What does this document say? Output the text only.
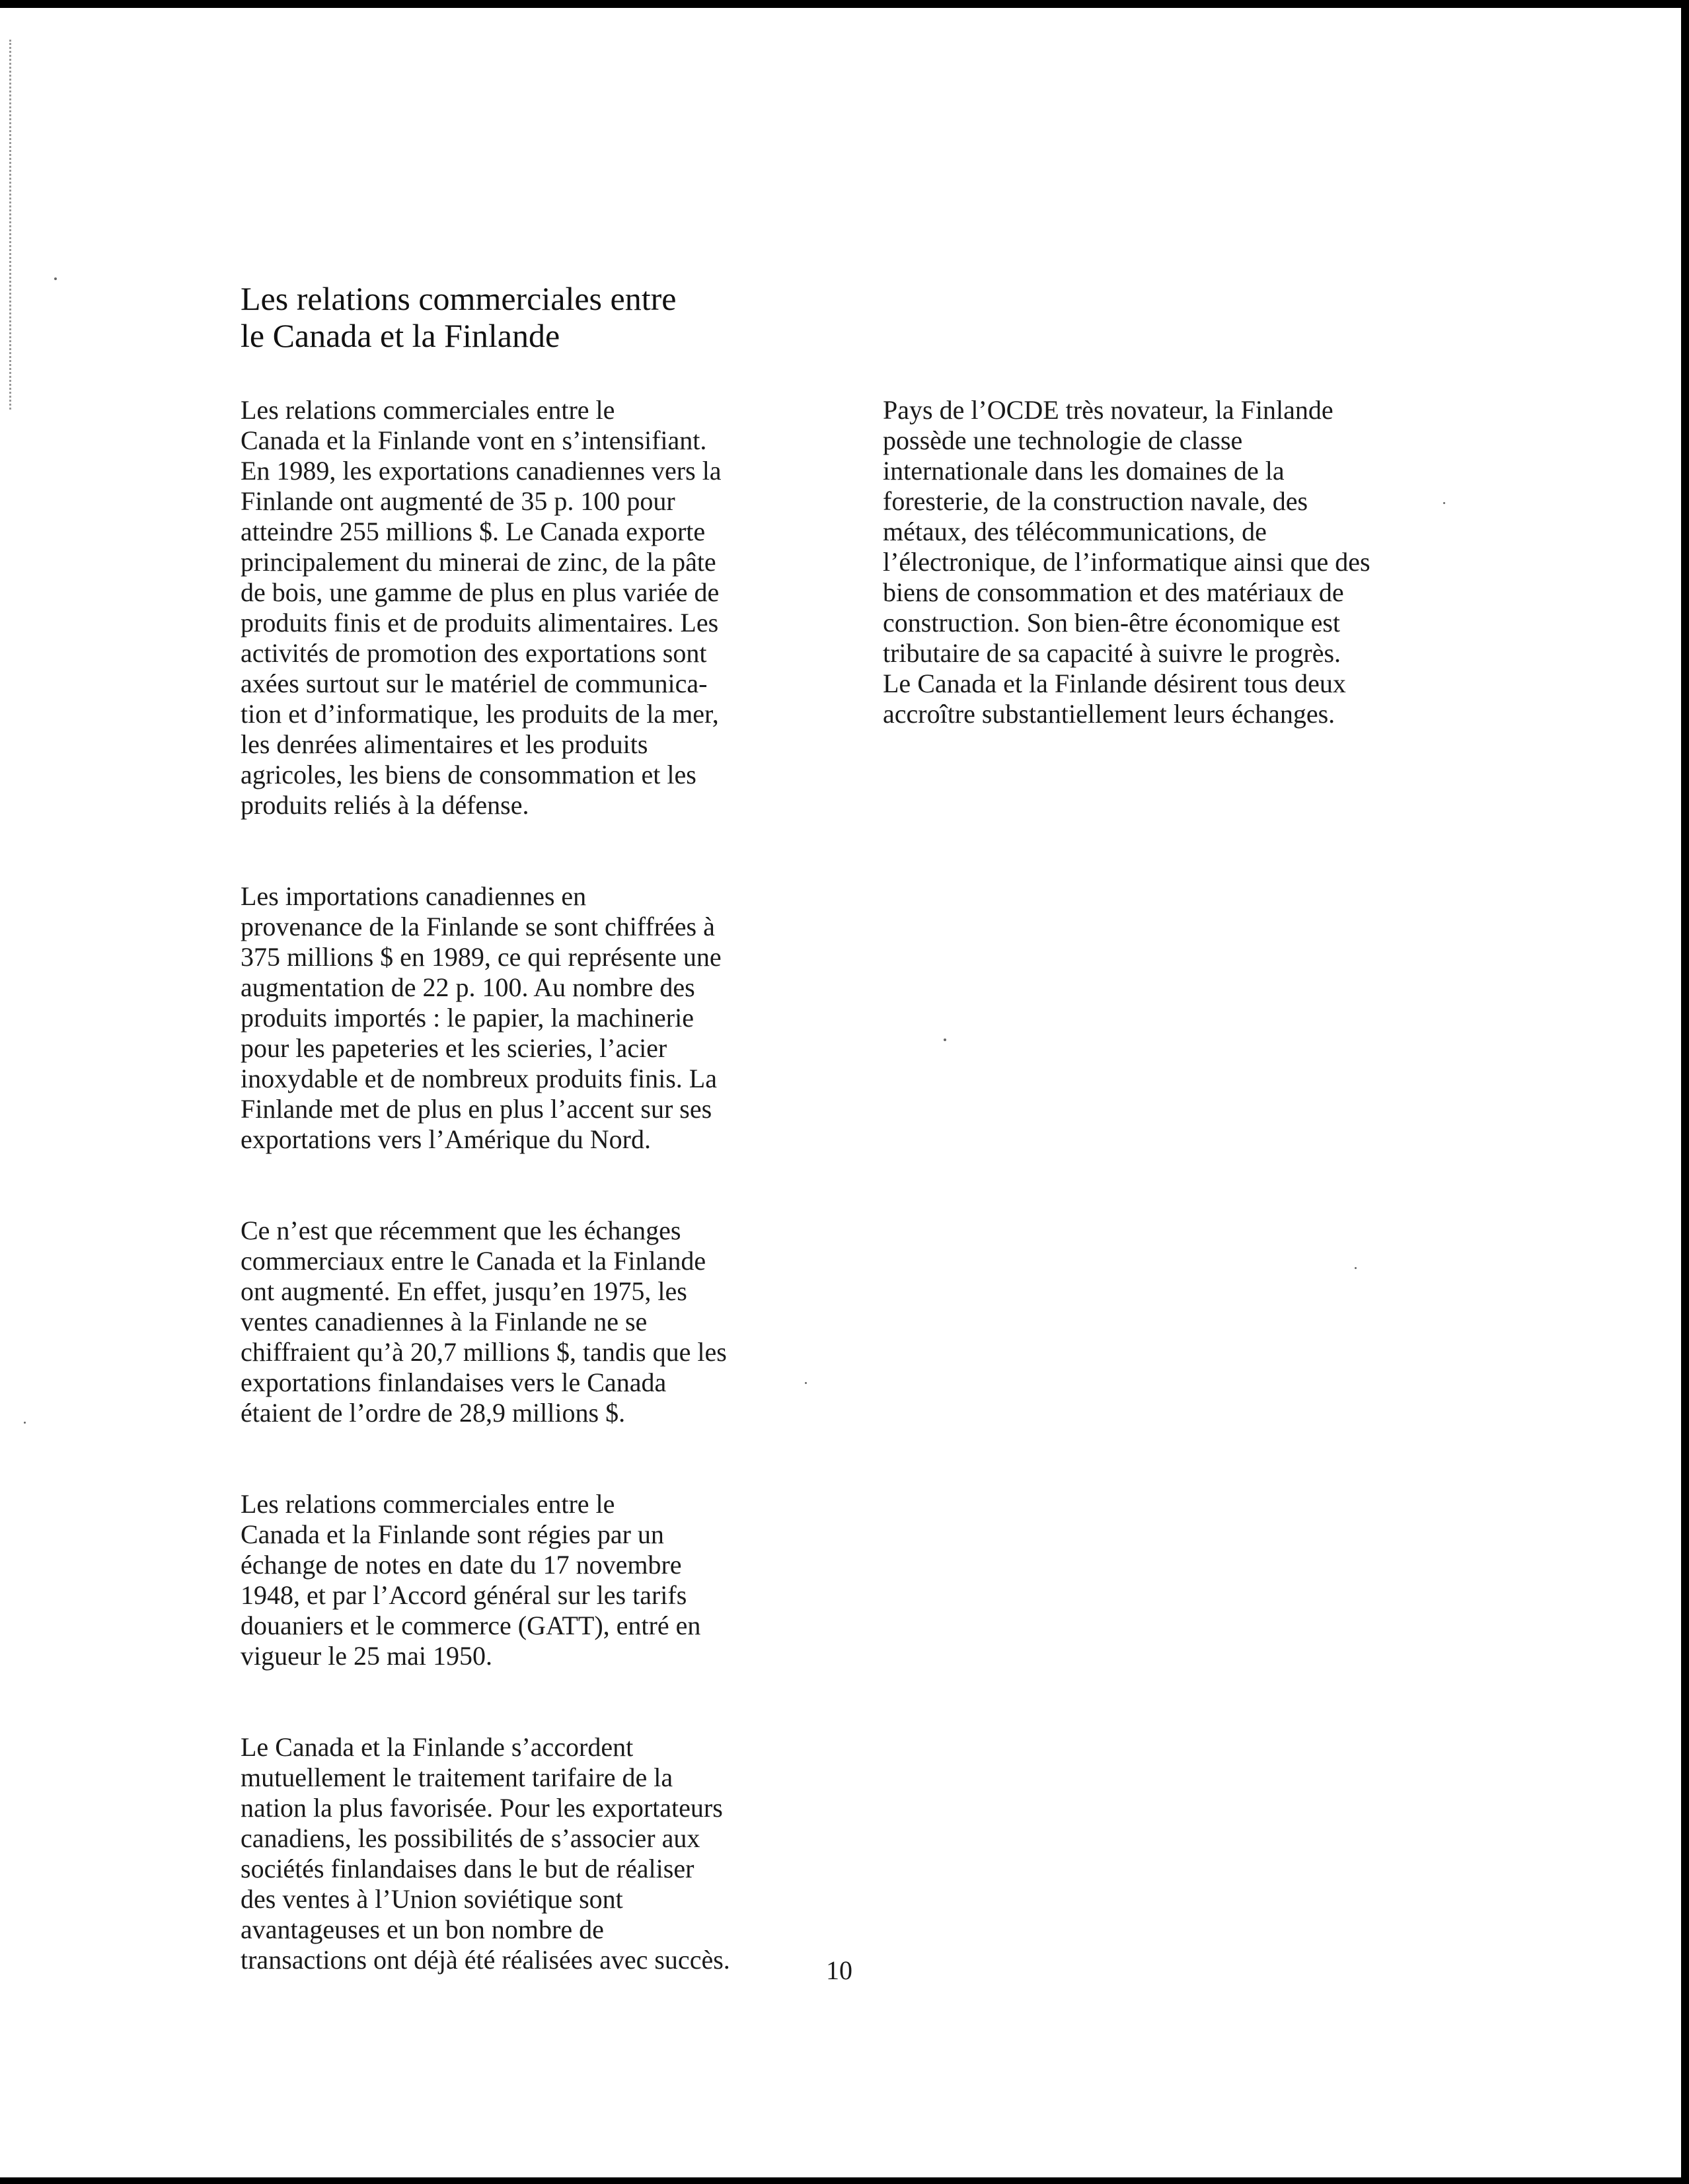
Les relations commerciales entre
le Canada et la Finlande

Les relations commerciales entre le
Canada et la Finlande vont en s’intensifiant.
En 1989, les exportations canadiennes vers la
Finlande ont augmenté de 35 p. 100 pour
atteindre 255 millions $. Le Canada exporte
principalement du minerai de zinc, de la pâte
de bois, une gamme de plus en plus variée de
produits finis et de produits alimentaires. Les
activités de promotion des exportations sont
axées surtout sur le matériel de communica-
tion et d’informatique, les produits de la mer,
les denrées alimentaires et les produits
agricoles, les biens de consommation et les
produits reliés à la défense.

Les importations canadiennes en
provenance de la Finlande se sont chiffrées à
375 millions $ en 1989, ce qui représente une
augmentation de 22 p. 100. Au nombre des
produits importés : le papier, la machinerie
pour les papeteries et les scieries, l’acier
inoxydable et de nombreux produits finis. La
Finlande met de plus en plus l’accent sur ses
exportations vers l’Amérique du Nord.

Ce n’est que récemment que les échanges
commerciaux entre le Canada et la Finlande
ont augmenté. En effet, jusqu’en 1975, les
ventes canadiennes à la Finlande ne se
chiffraient qu’à 20,7 millions $, tandis que les
exportations finlandaises vers le Canada
étaient de l’ordre de 28,9 millions $.

Les relations commerciales entre le
Canada et la Finlande sont régies par un
échange de notes en date du 17 novembre
1948, et par l’Accord général sur les tarifs
douaniers et le commerce (GATT), entré en
vigueur le 25 mai 1950.

Le Canada et la Finlande s’accordent
mutuellement le traitement tarifaire de la
nation la plus favorisée. Pour les exportateurs
canadiens, les possibilités de s’associer aux
sociétés finlandaises dans le but de réaliser
des ventes à l’Union soviétique sont
avantageuses et un bon nombre de
transactions ont déjà été réalisées avec succès.

Pays de l’OCDE très novateur, la Finlande
possède une technologie de classe
internationale dans les domaines de la
foresterie, de la construction navale, des
métaux, des télécommunications, de
l’électronique, de l’informatique ainsi que des
biens de consommation et des matériaux de
construction. Son bien-être économique est
tributaire de sa capacité à suivre le progrès.
Le Canada et la Finlande désirent tous deux
accroître substantiellement leurs échanges.

10
